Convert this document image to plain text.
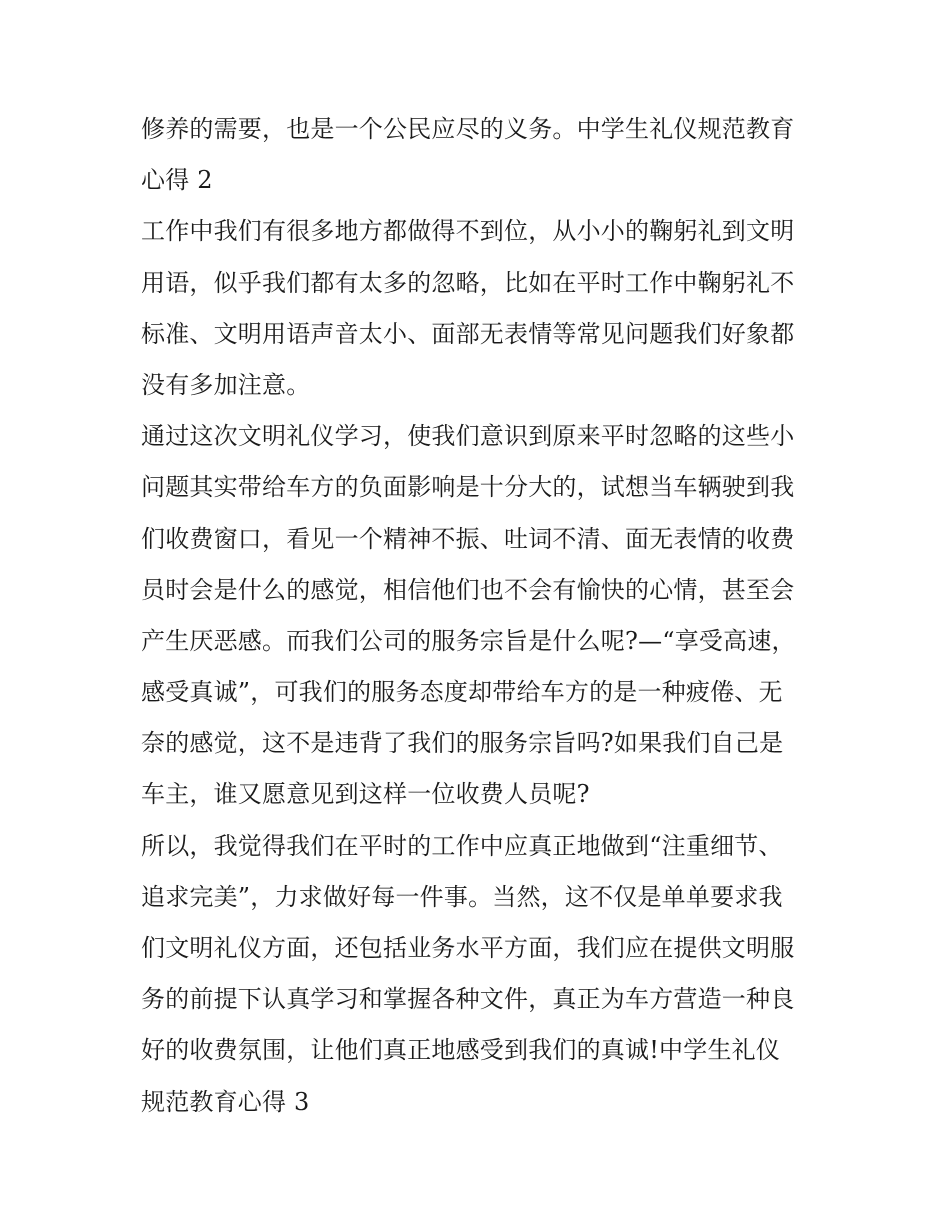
修养的需要，也是一个公民应尽的义务。中学生礼仪规范教育
心得 2
工作中我们有很多地方都做得不到位，从小小的鞠躬礼到文明
用语，似乎我们都有太多的忽略，比如在平时工作中鞠躬礼不
标准、文明用语声音太小、面部无表情等常见问题我们好象都
没有多加注意。
通过这次文明礼仪学习，使我们意识到原来平时忽略的这些小
问题其实带给车方的负面影响是十分大的，试想当车辆驶到我
们收费窗口，看见一个精神不振、吐词不清、面无表情的收费
员时会是什么的感觉，相信他们也不会有愉快的心情，甚至会
产生厌恶感。而我们公司的服务宗旨是什么呢?—“享受高速，
感受真诚”，可我们的服务态度却带给车方的是一种疲倦、无
奈的感觉，这不是违背了我们的服务宗旨吗?如果我们自己是
车主，谁又愿意见到这样一位收费人员呢?
所以，我觉得我们在平时的工作中应真正地做到“注重细节、
追求完美”，力求做好每一件事。当然，这不仅是单单要求我
们文明礼仪方面，还包括业务水平方面，我们应在提供文明服
务的前提下认真学习和掌握各种文件，真正为车方营造一种良
好的收费氛围，让他们真正地感受到我们的真诚!中学生礼仪
规范教育心得 3
